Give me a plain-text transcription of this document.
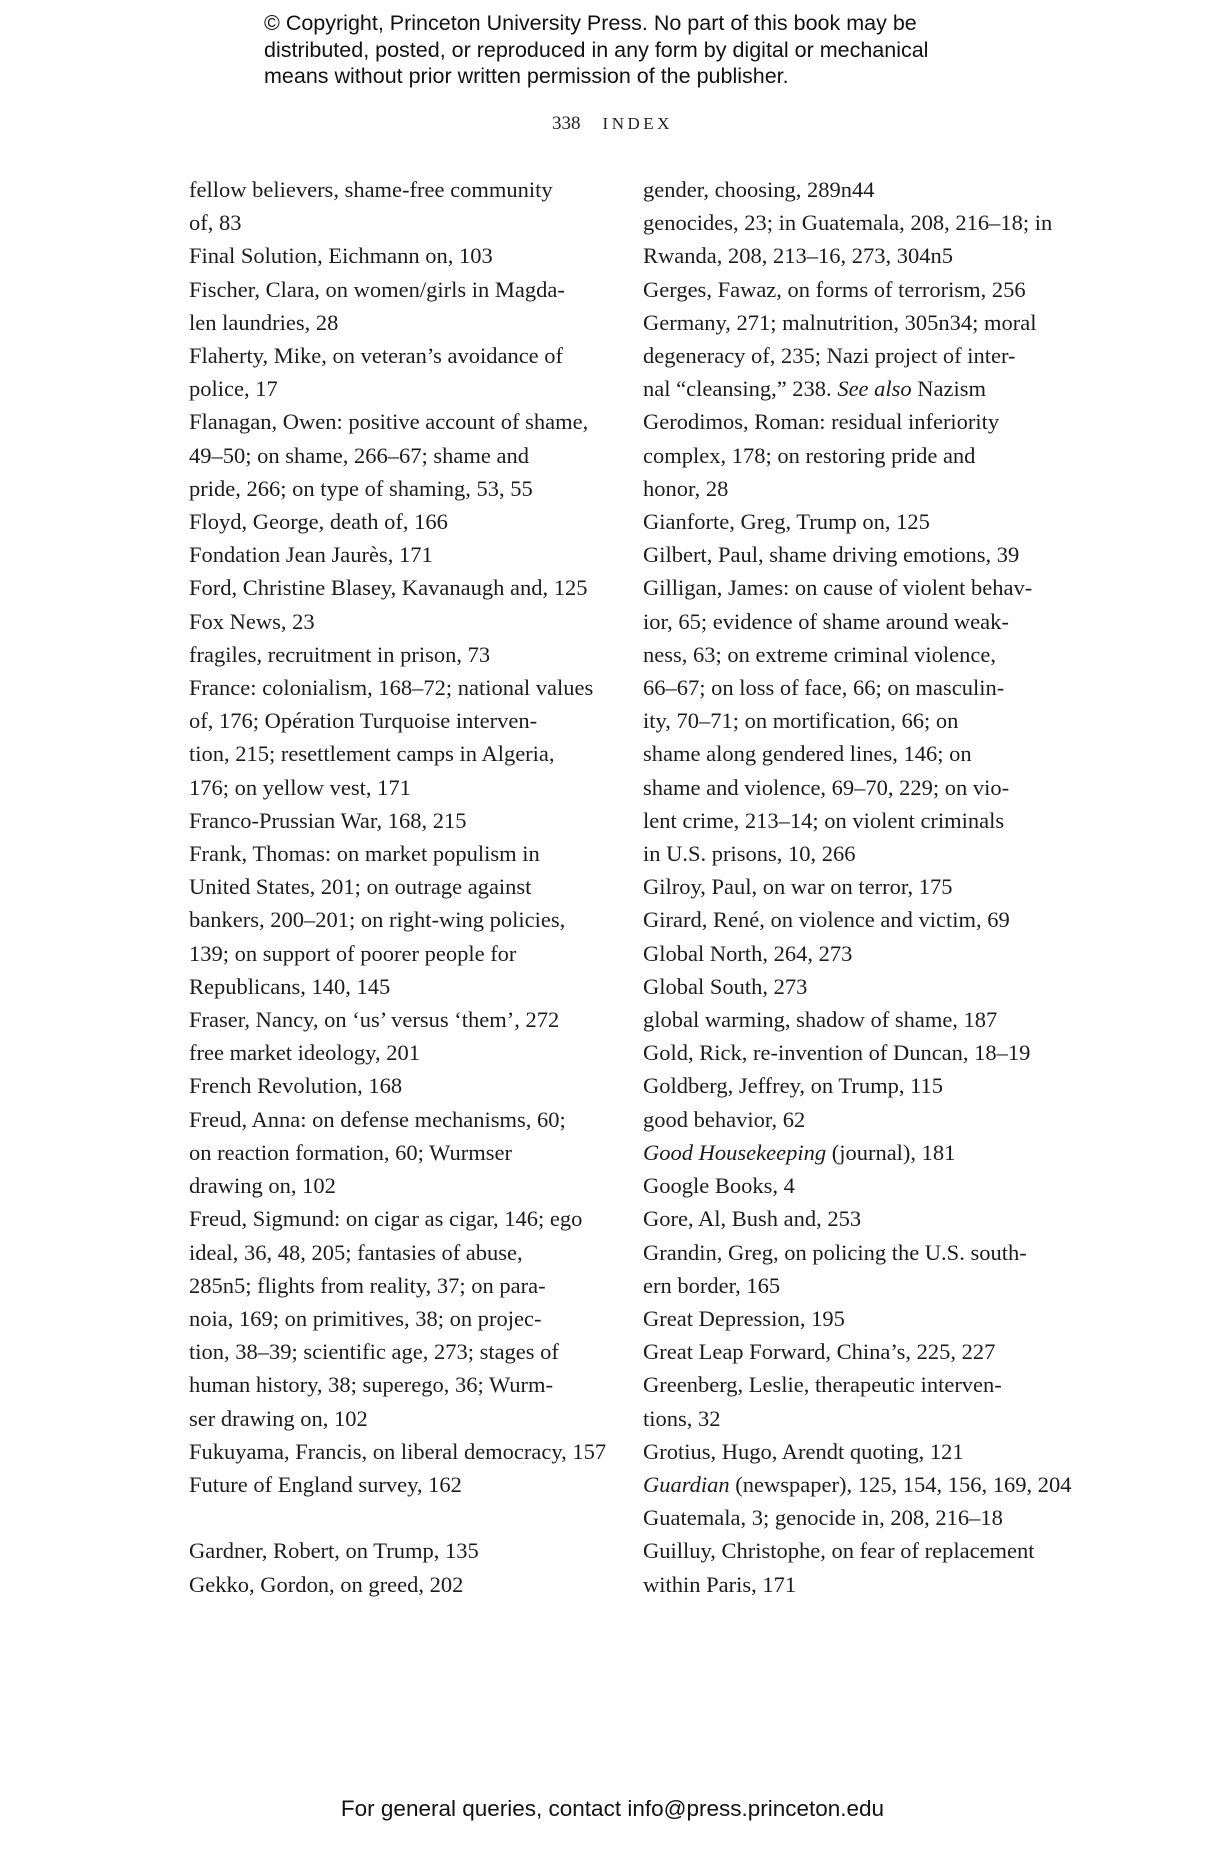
© Copyright, Princeton University Press. No part of this book may be
distributed, posted, or reproduced in any form by digital or mechanical
means without prior written permission of the publisher.
338 INDEX
fellow believers, shame-free community
of, 83
Final Solution, Eichmann on, 103
Fischer, Clara, on women/girls in Magda-
len laundries, 28
Flaherty, Mike, on veteran’s avoidance of
police, 17
Flanagan, Owen: positive account of shame,
49–50; on shame, 266–67; shame and
pride, 266; on type of shaming, 53, 55
Floyd, George, death of, 166
Fondation Jean Jaurès, 171
Ford, Christine Blasey, Kavanaugh and, 125
Fox News, 23
fragiles, recruitment in prison, 73
France: colonialism, 168–72; national values
of, 176; Opération Turquoise interven-
tion, 215; resettlement camps in Algeria,
176; on yellow vest, 171
Franco-Prussian War, 168, 215
Frank, Thomas: on market populism in
United States, 201; on outrage against
bankers, 200–201; on right-wing policies,
139; on support of poorer people for
Republicans, 140, 145
Fraser, Nancy, on ‘us’ versus ‘them’, 272
free market ideology, 201
French Revolution, 168
Freud, Anna: on defense mechanisms, 60;
on reaction formation, 60; Wurmser
drawing on, 102
Freud, Sigmund: on cigar as cigar, 146; ego
ideal, 36, 48, 205; fantasies of abuse,
285n5; flights from reality, 37; on para-
noia, 169; on primitives, 38; on projec-
tion, 38–39; scientific age, 273; stages of
human history, 38; superego, 36; Wurm-
ser drawing on, 102
Fukuyama, Francis, on liberal democracy, 157
Future of England survey, 162
Gardner, Robert, on Trump, 135
Gekko, Gordon, on greed, 202
gender, choosing, 289n44
genocides, 23; in Guatemala, 208, 216–18; in
Rwanda, 208, 213–16, 273, 304n5
Gerges, Fawaz, on forms of terrorism, 256
Germany, 271; malnutrition, 305n34; moral
degeneracy of, 235; Nazi project of inter-
nal “cleansing,” 238. See also Nazism
Gerodimos, Roman: residual inferiority
complex, 178; on restoring pride and
honor, 28
Gianforte, Greg, Trump on, 125
Gilbert, Paul, shame driving emotions, 39
Gilligan, James: on cause of violent behav-
ior, 65; evidence of shame around weak-
ness, 63; on extreme criminal violence,
66–67; on loss of face, 66; on masculin-
ity, 70–71; on mortification, 66; on
shame along gendered lines, 146; on
shame and violence, 69–70, 229; on vio-
lent crime, 213–14; on violent criminals
in U.S. prisons, 10, 266
Gilroy, Paul, on war on terror, 175
Girard, René, on violence and victim, 69
Global North, 264, 273
Global South, 273
global warming, shadow of shame, 187
Gold, Rick, re-invention of Duncan, 18–19
Goldberg, Jeffrey, on Trump, 115
good behavior, 62
Good Housekeeping (journal), 181
Google Books, 4
Gore, Al, Bush and, 253
Grandin, Greg, on policing the U.S. south-
ern border, 165
Great Depression, 195
Great Leap Forward, China’s, 225, 227
Greenberg, Leslie, therapeutic interven-
tions, 32
Grotius, Hugo, Arendt quoting, 121
Guardian (newspaper), 125, 154, 156, 169, 204
Guatemala, 3; genocide in, 208, 216–18
Guilluy, Christophe, on fear of replacement
within Paris, 171
For general queries, contact info@press.princeton.edu
